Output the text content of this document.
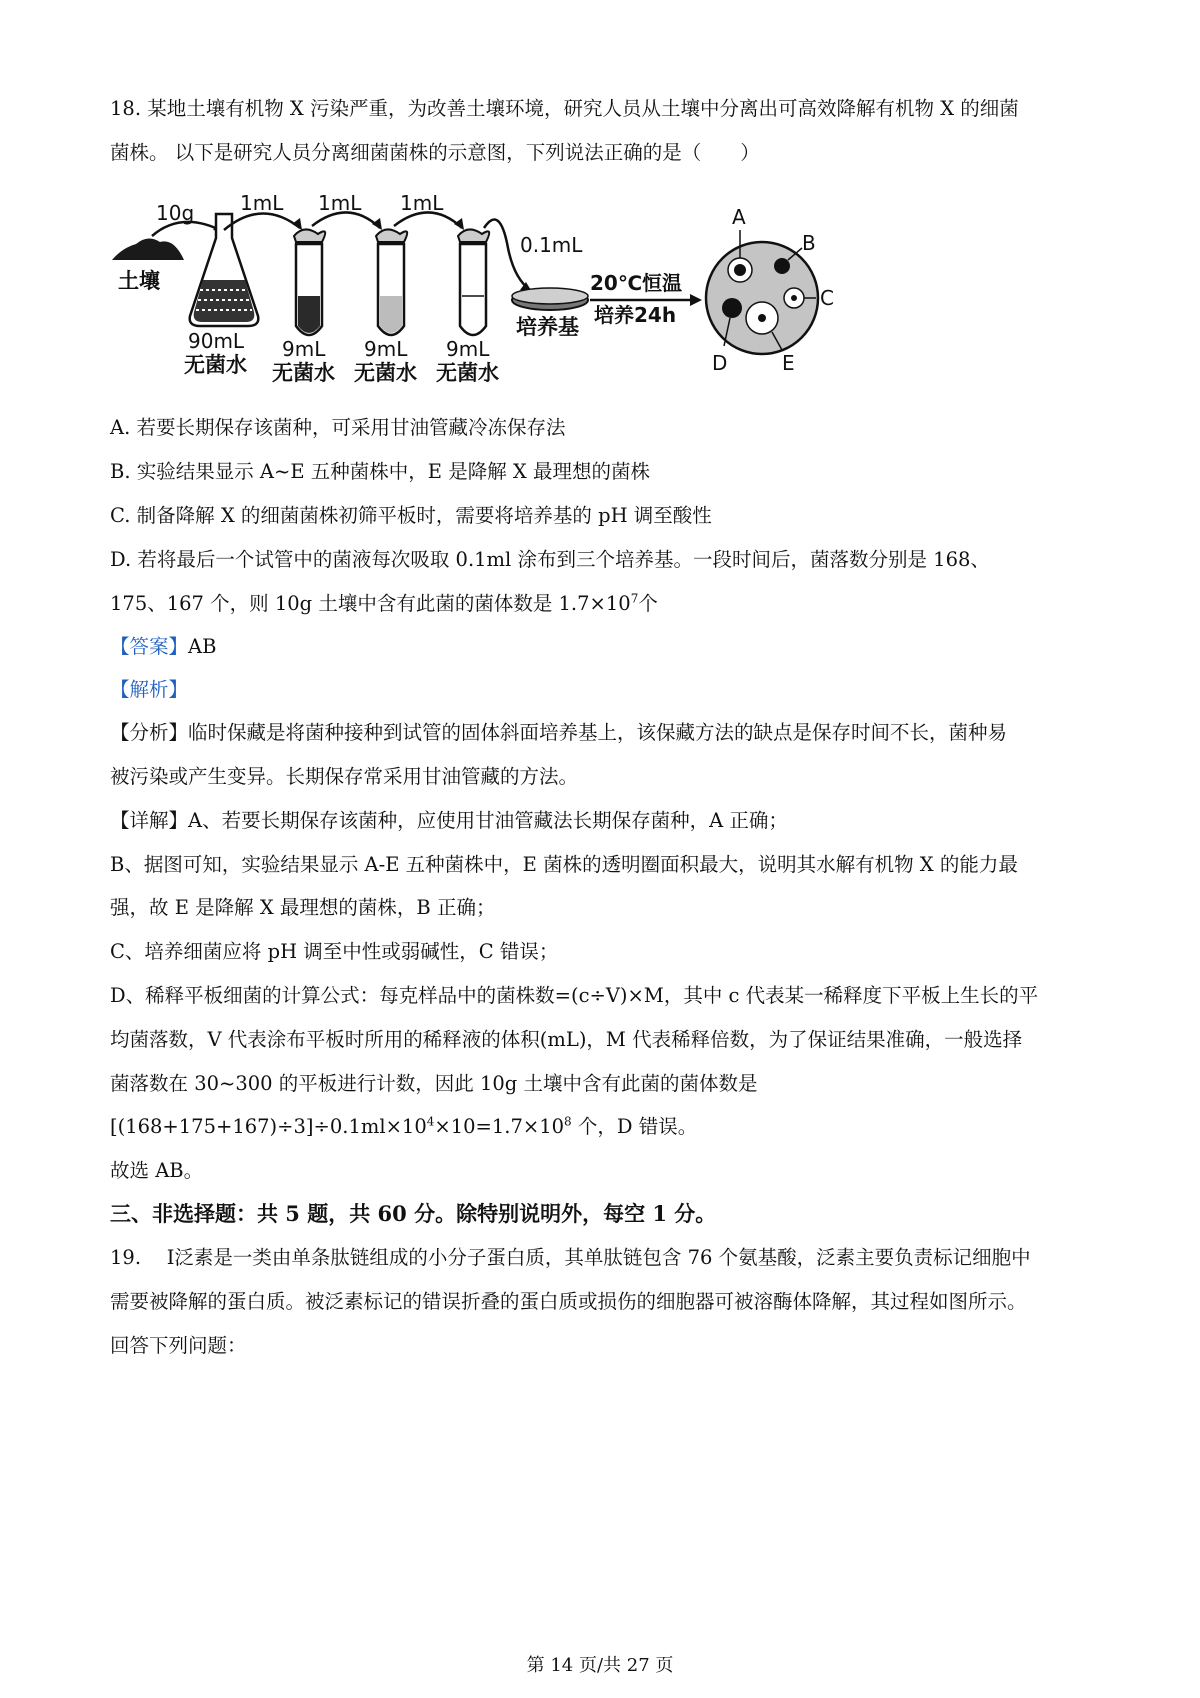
18. 某地土壤有机物 X 污染严重，为改善土壤环境，研究人员从土壤中分离出可高效降解有机物 X 的细菌
菌株。 以下是研究人员分离细菌菌株的示意图，下列说法正确的是（　　）
土壤
10g
90mL
无菌水
1mL 1mL 1mL
9mL
无菌水
9mL
无菌水
9mL
无菌水
0.1mL
培养基
20℃恒温
培养24h
A
B
C
D	E
A. 若要长期保存该菌种，可采用甘油管藏冷冻保存法
B. 实验结果显示 A~E 五种菌株中，E 是降解 X 最理想的菌株
C. 制备降解 X 的细菌菌株初筛平板时，需要将培养基的 pH 调至酸性
D. 若将最后一个试管中的菌液每次吸取 0.1ml 涂布到三个培养基。一段时间后，菌落数分别是 168、
175、167 个，则 10g 土壤中含有此菌的菌体数是 $1.7\times 10^7$个
【答案】AB
【解析】
【分析】临时保藏是将菌种接种到试管的固体斜面培养基上，该保藏方法的缺点是保存时间不长，菌种易
被污染或产生变异。长期保存常采用甘油管藏的方法。
【详解】A、若要长期保存该菌种，应使用甘油管藏法长期保存菌种，A 正确；
B、据图可知，实验结果显示 A-E 五种菌株中，E 菌株的透明圈面积最大，说明其水解有机物 X 的能力最
强，故 E 是降解 X 最理想的菌株，B 正确；
C、培养细菌应将 pH 调至中性或弱碱性，C 错误；
D、稀释平板细菌的计算公式：每克样品中的菌株数=(c÷V)×M，其中 c 代表某一稀释度下平板上生长的平
均菌落数，V 代表涂布平板时所用的稀释液的体积(mL)，M 代表稀释倍数，为了保证结果准确，一般选择
菌落数在 30~300 的平板进行计数，因此 10g 土壤中含有此菌的菌体数是
$[(168+175+167)\div 3]\div 0.1ml\times 10^4\times 10=1.7\times 10^8$ 个，D 错误。
故选 AB。
三、非选择题：共 5 题，共 60 分。除特别说明外，每空 1 分。
19.　 Ⅰ泛素是一类由单条肽链组成的小分子蛋白质，其单肽链包含 76 个氨基酸，泛素主要负责标记细胞中
需要被降解的蛋白质。被泛素标记的错误折叠的蛋白质或损伤的细胞器可被溶酶体降解，其过程如图所示。
回答下列问题：
第 14 页/共 27 页
